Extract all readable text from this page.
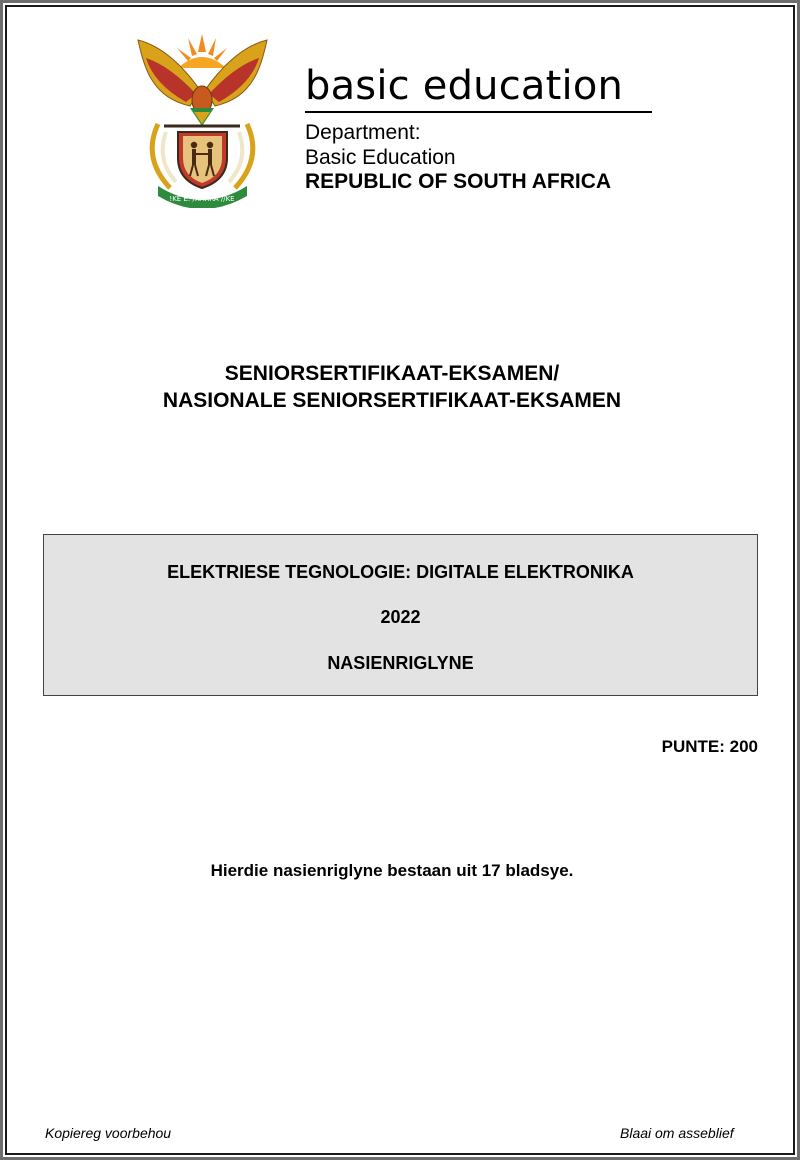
!KE E: /XARRA //KE
basic education
Department:
Basic Education
REPUBLIC OF SOUTH AFRICA
SENIORSERTIFIKAAT-EKSAMEN/
NASIONALE SENIORSERTIFIKAAT-EKSAMEN
ELEKTRIESE TEGNOLOGIE: DIGITALE ELEKTRONIKA
2022
NASIENRIGLYNE
PUNTE: 200
Hierdie nasienriglyne bestaan uit 17 bladsye.
Kopiereg voorbehou	Blaai om asseblief
